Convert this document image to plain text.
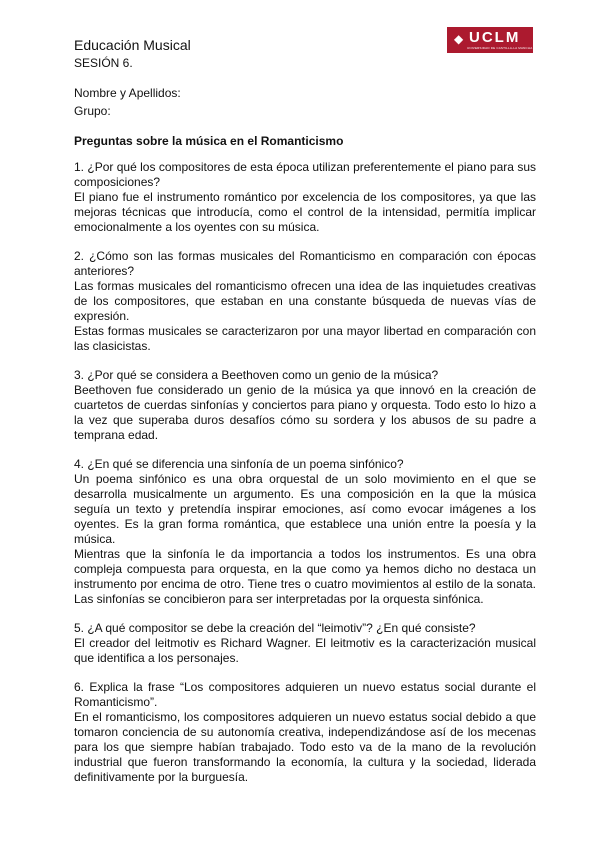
Educación Musical
SESIÓN 6.
Nombre y Apellidos:
Grupo:
◆ UCLM
UNIVERSIDAD DE CASTILLA-LA MANCHA
Preguntas sobre la música en el Romanticismo

1. ¿Por qué los compositores de esta época utilizan preferentemente el piano para sus composiciones?

El piano fue el instrumento romántico por excelencia de los compositores, ya que las mejoras técnicas que introducía, como el control de la intensidad, permitía implicar emocionalmente a los oyentes con su música.

2. ¿Cómo son las formas musicales del Romanticismo en comparación con épocas anteriores?

Las formas musicales del romanticismo ofrecen una idea de las inquietudes creativas de los compositores, que estaban en una constante búsqueda de nuevas vías de expresión.

Estas formas musicales se caracterizaron por una mayor libertad en comparación con las clasicistas.

3. ¿Por qué se considera a Beethoven como un genio de la música?

Beethoven fue considerado un genio de la música ya que innovó en la creación de cuartetos de cuerdas sinfonías y conciertos para piano y orquesta. Todo esto lo hizo a la vez que superaba duros desafíos cómo su sordera y los abusos de su padre a temprana edad.

4. ¿En qué se diferencia una sinfonía de un poema sinfónico?

Un poema sinfónico es una obra orquestal de un solo movimiento en el que se desarrolla musicalmente un argumento. Es una composición en la que la música seguía un texto y pretendía inspirar emociones, así como evocar imágenes a los oyentes. Es la gran forma romántica, que establece una unión entre la poesía y la música.

Mientras que la sinfonía le da importancia a todos los instrumentos. Es una obra compleja compuesta para orquesta, en la que como ya hemos dicho no destaca un instrumento por encima de otro. Tiene tres o cuatro movimientos al estilo de la sonata. Las sinfonías se concibieron para ser interpretadas por la orquesta sinfónica.

5. ¿A qué compositor se debe la creación del “leimotiv”? ¿En qué consiste?

El creador del leitmotiv es Richard Wagner. El leitmotiv es la caracterización musical que identifica a los personajes.

6. Explica la frase “Los compositores adquieren un nuevo estatus social durante el Romanticismo”.

En el romanticismo, los compositores adquieren un nuevo estatus social debido a que tomaron conciencia de su autonomía creativa, independizándose así de los mecenas para los que siempre habían trabajado. Todo esto va de la mano de la revolución industrial que fueron transformando la economía, la cultura y la sociedad, liderada definitivamente por la burguesía.
